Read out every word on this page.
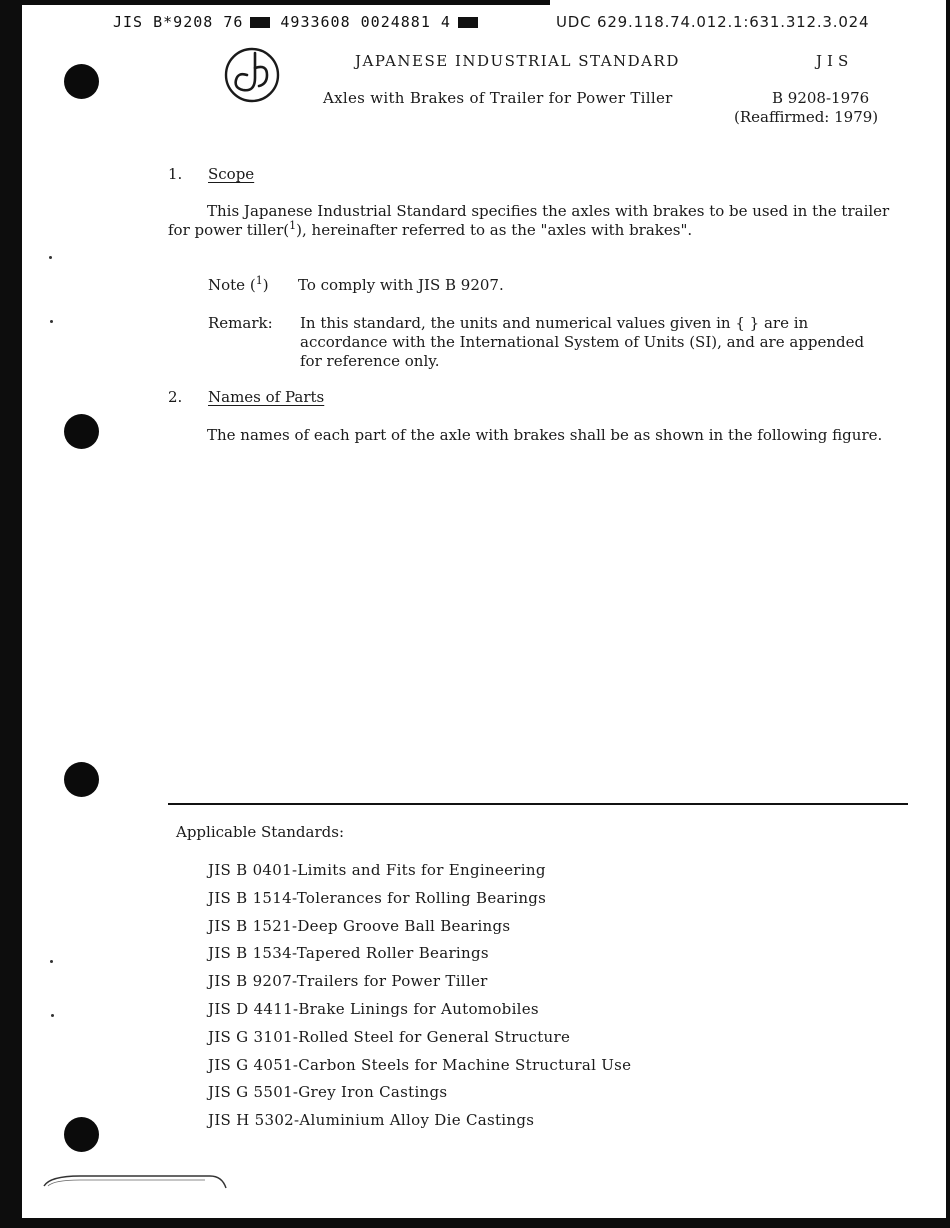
JIS B*9208 76 4933608 0024881 4	UDC 629.118.74.012.1:631.312.3.024
JAPANESE INDUSTRIAL STANDARD	JIS
Axles with Brakes of Trailer for Power Tiller	B 9208-1976
(Reaffirmed: 1979)
1. Scope
This Japanese Industrial Standard specifies the axles with brakes to be used in the trailer for power tiller($^1$), hereinafter referred to as the "axles with brakes".
Note ($^1$) To comply with JIS B 9207.
Remark: In this standard, the units and numerical values given in { } are in accordance with the International System of Units (SI), and are appended for reference only.
2. Names of Parts
The names of each part of the axle with brakes shall be as shown in the following figure.
Applicable Standards:
JIS B 0401-Limits and Fits for Engineering
JIS B 1514-Tolerances for Rolling Bearings
JIS B 1521-Deep Groove Ball Bearings
JIS B 1534-Tapered Roller Bearings
JIS B 9207-Trailers for Power Tiller
JIS D 4411-Brake Linings for Automobiles
JIS G 3101-Rolled Steel for General Structure
JIS G 4051-Carbon Steels for Machine Structural Use
JIS G 5501-Grey Iron Castings
JIS H 5302-Aluminium Alloy Die Castings
